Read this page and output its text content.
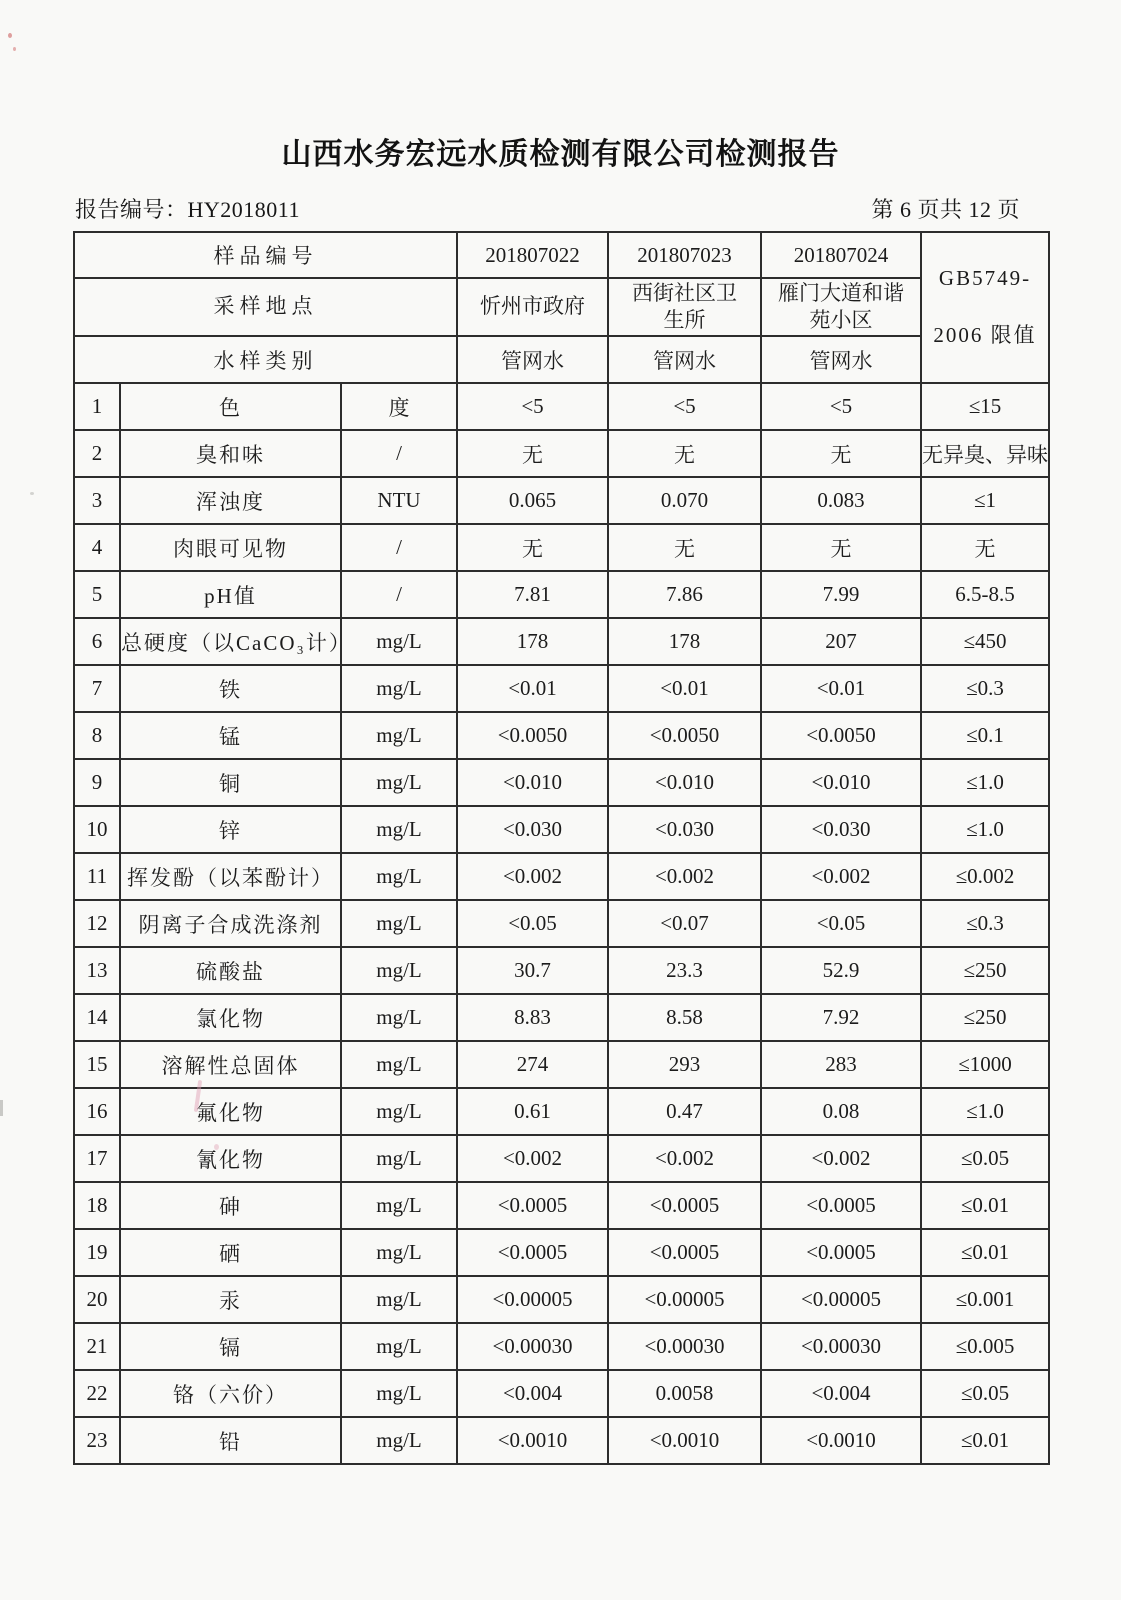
山西水务宏远水质检测有限公司检测报告
报告编号：HY2018011	第 6 页共 12 页
样品编号			201807022	201807023	201807024	GB5749-
2006 限值

采样地点			忻州市政府	西街社区卫生所	雁门大道和谐苑小区	

水样类别			管网水	管网水	管网水	
1	色	度	<5	<5	<5	≤15
2	臭和味	/	无	无	无	无异臭、异味
3	浑浊度	NTU	0.065	0.070	0.083	≤1
4	肉眼可见物	/	无	无	无	无
5	pH值	/	7.81	7.86	7.99	6.5-8.5
6	总硬度（以CaCO₃计）	mg/L	178	178	207	≤450
7	铁	mg/L	<0.01	<0.01	<0.01	≤0.3
8	锰	mg/L	<0.0050	<0.0050	<0.0050	≤0.1
9	铜	mg/L	<0.010	<0.010	<0.010	≤1.0
10	锌	mg/L	<0.030	<0.030	<0.030	≤1.0
11	挥发酚（以苯酚计）	mg/L	<0.002	<0.002	<0.002	≤0.002
12	阴离子合成洗涤剂	mg/L	<0.05	<0.07	<0.05	≤0.3
13	硫酸盐	mg/L	30.7	23.3	52.9	≤250
14	氯化物	mg/L	8.83	8.58	7.92	≤250
15	溶解性总固体	mg/L	274	293	283	≤1000
16	氟化物	mg/L	0.61	0.47	0.08	≤1.0
17	氰化物	mg/L	<0.002	<0.002	<0.002	≤0.05
18	砷	mg/L	<0.0005	<0.0005	<0.0005	≤0.01
19	硒	mg/L	<0.0005	<0.0005	<0.0005	≤0.01
20	汞	mg/L	<0.00005	<0.00005	<0.00005	≤0.001
21	镉	mg/L	<0.00030	<0.00030	<0.00030	≤0.005
22	铬（六价）	mg/L	<0.004	0.0058	<0.004	≤0.05
23	铅	mg/L	<0.0010	<0.0010	<0.0010	≤0.01
